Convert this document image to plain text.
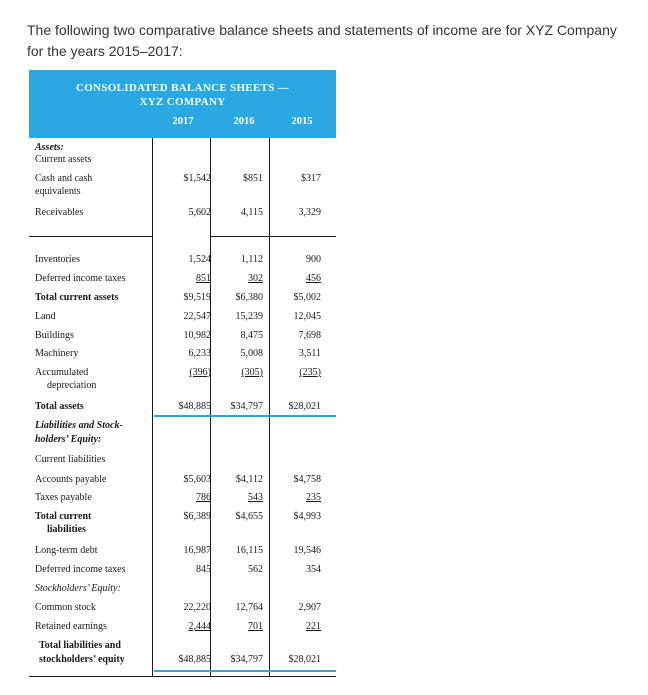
The following two comparative balance sheets and statements of income are for XYZ Company for the years 2015–2017:
CONSOLIDATED BALANCE SHEETS —
XYZ COMPANY
2017	2016	2015
Assets:
Current assets
Cash and cash	$1,542	$851	$317
equivalents
Receivables	5,602	4,115	3,329
Inventories	1,524	1,112	900
Deferred income taxes	851	302	456
Total current assets	$9,519	$6,380	$5,002
Land	22,547	15,239	12,045
Buildings	10,982	8,475	7,698
Machinery	6,233	5,008	3,511
Accumulated	(396)	(305)	(235)
depreciation
Total assets	$48,885	$34,797	$28,021
Liabilities and Stock-
holders’ Equity:
Current liabilities
Accounts payable	$5,603	$4,112	$4,758
Taxes payable	786	543	235
Total current	$6,389	$4,655	$4,993
liabilities
Long-term debt	16,987	16,115	19,546
Deferred income taxes	845	562	354
Stockholders’ Equity:
Common stock	22,220	12,764	2,907
Retained earnings	2,444	701	221
Total liabilities and
stockholders’ equity	$48,885	$34,797	$28,021
